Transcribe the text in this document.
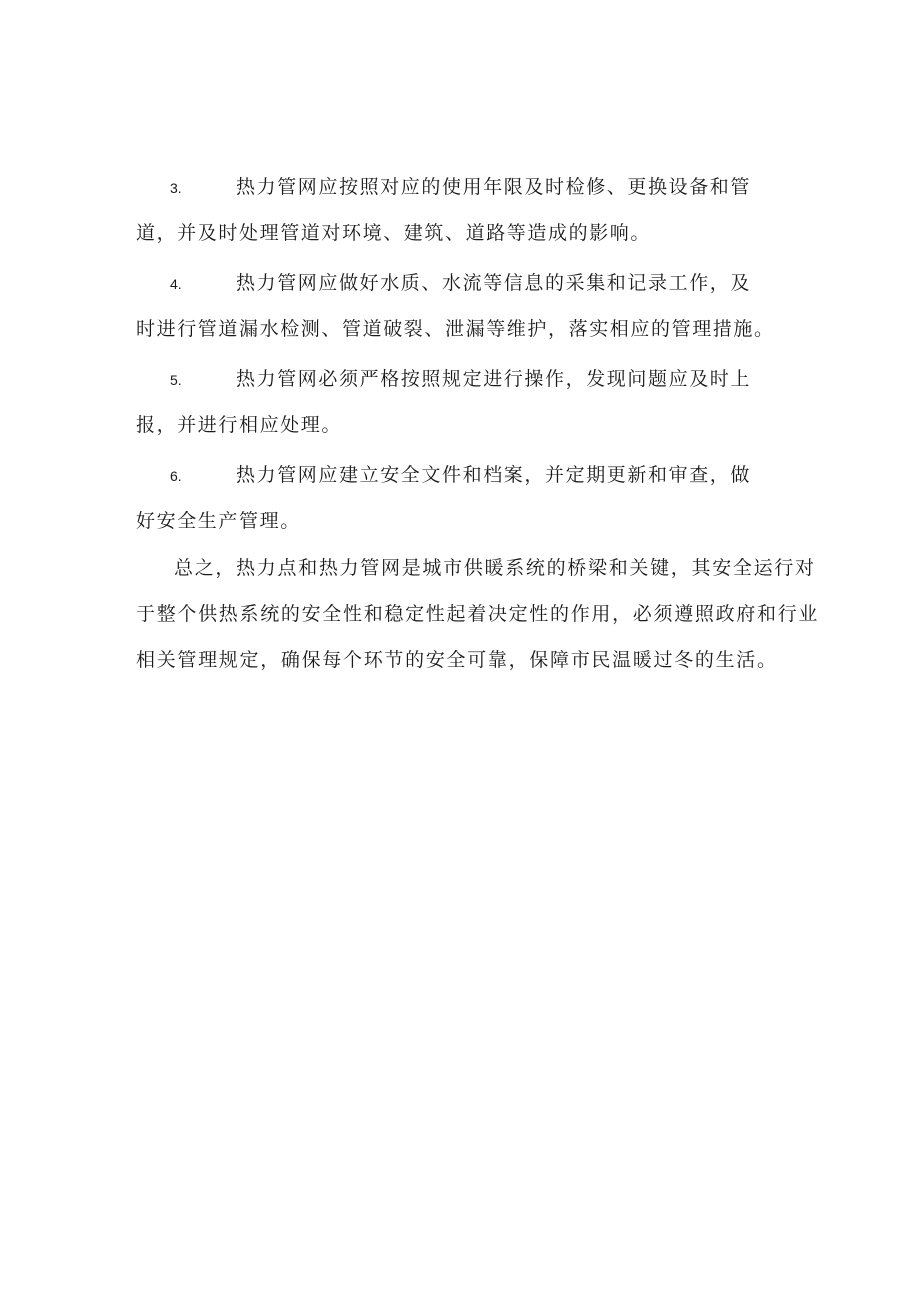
3.	热力管网应按照对应的使用年限及时检修、更换设备和管
道，并及时处理管道对环境、建筑、道路等造成的影响。
4.	热力管网应做好水质、水流等信息的采集和记录工作，及
时进行管道漏水检测、管道破裂、泄漏等维护，落实相应的管理措施。
5.	热力管网必须严格按照规定进行操作，发现问题应及时上
报，并进行相应处理。
6.	热力管网应建立安全文件和档案，并定期更新和审查，做
好安全生产管理。
总之，热力点和热力管网是城市供暖系统的桥梁和关键，其安全运行对
于整个供热系统的安全性和稳定性起着决定性的作用，必须遵照政府和行业
相关管理规定，确保每个环节的安全可靠，保障市民温暖过冬的生活。
